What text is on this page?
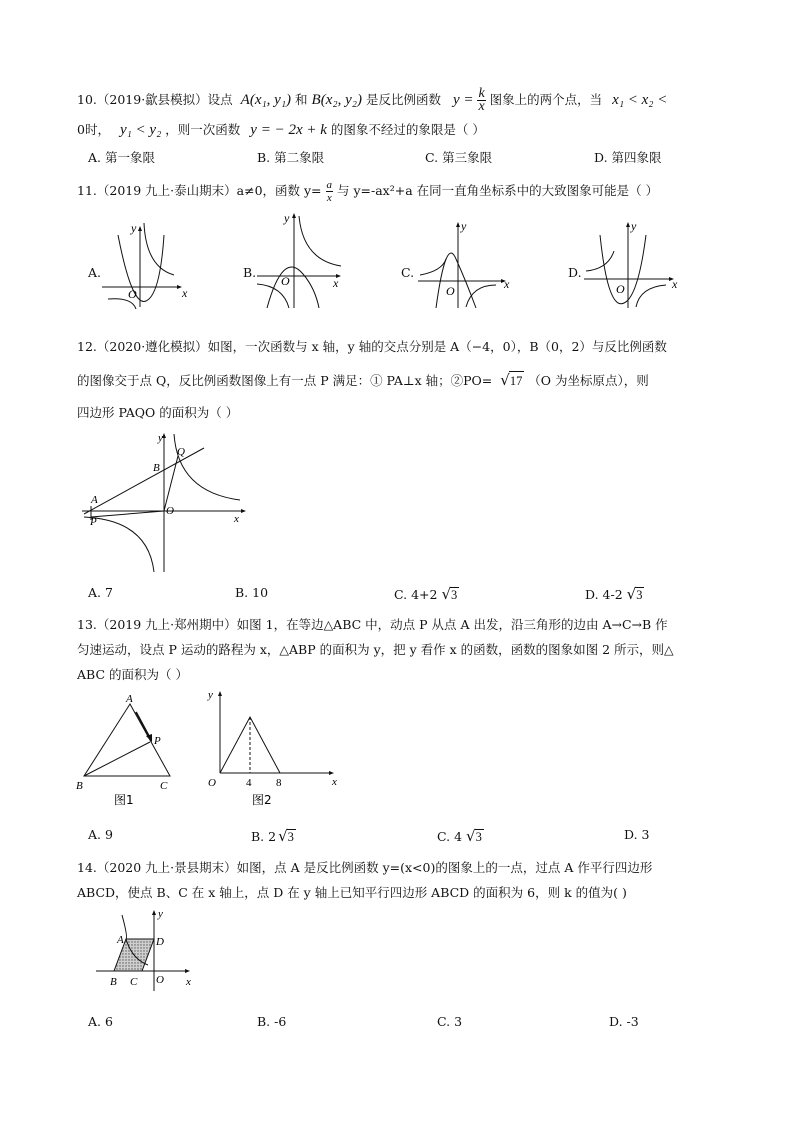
10.（2019·歙县模拟）设点 A(x₁, y₁) 和 B(x₂, y₂) 是反比例函数 $y = \frac{k}{x}$ 图象上的两个点，当 x₁ < x₂ <
0时， y₁ < y₂ ，则一次函数 y = − 2x + k 的图象不经过的象限是（ ）
A. 第一象限	B. 第二象限	C. 第三象限	D. 第四象限
11.（2019 九上·泰山期末）a≠0，函数 $y= \frac{a}{x}$ 与 y=-ax²+a 在同一直角坐标系中的大致图象可能是（ ）
A.	B.	C.	D.
x
y
O
x
y
O	x
y
O	x
y
O
12.（2020·遵化模拟）如图，一次函数与 x 轴，y 轴的交点分别是 A（−4，0），B（0，2）与反比例函数
的图像交于点 Q，反比例函数图像上有一点 P 满足：① PA⊥x 轴；②PO= √17 （O 为坐标原点），则
四边形 PAQO 的面积为（ ）
y
x
A
B
Q
O
P
A. 7	B. 10	C. 4+2 √3	D. 4-2 √3
13.（2019 九上·郑州期中）如图 1，在等边△ABC 中，动点 P 从点 A 出发，沿三角形的边由 A→C→B 作
匀速运动，设点 P 运动的路程为 x，△ABP 的面积为 y，把 y 看作 x 的函数，函数的图象如图 2 所示，则△
ABC 的面积为（ ）
A
P
B	C
图1
y
x
O	4 8
图2
A. 9	B. 2 √3	C. 4 √3	D. 3
14.（2020 九上·景县期末）如图，点 A 是反比例函数 y=(x<0)的图象上的一点，过点 A 作平行四边形
ABCD，使点 B、C 在 x 轴上，点 D 在 y 轴上已知平行四边形 ABCD 的面积为 6，则 k 的值为( )
y
x
A	D
B C O
A. 6	B. -6	C. 3	D. -3
